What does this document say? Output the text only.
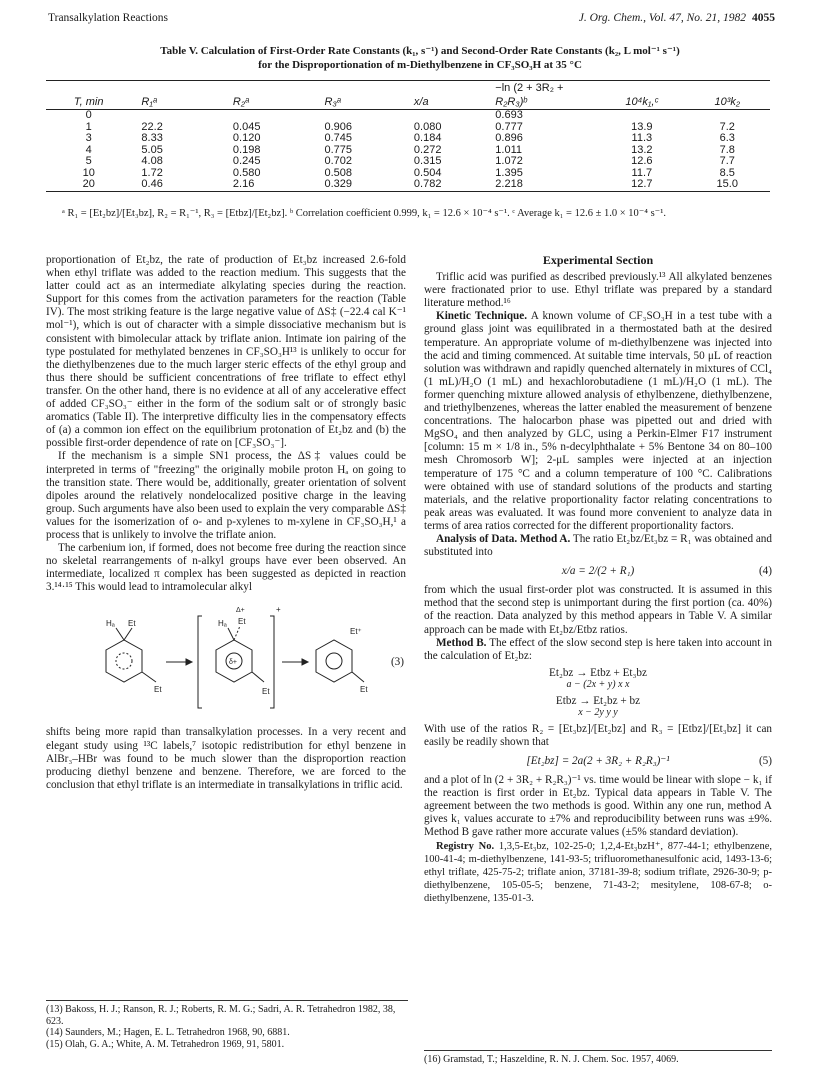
Transalkylation Reactions	J. Org. Chem., Vol. 47, No. 21, 1982 4055
Table V. Calculation of First-Order Rate Constants (k₁, s⁻¹) and Second-Order Rate Constants (k₂, L mol⁻¹ s⁻¹)
for the Disproportionation of m-Diethylbenzene in CF₃SO₃H at 35 °C
					−ln (2 + 3R₂ +		
T, min	R₁ᵃ	R₂ᵃ	R₃ᵃ	x/a	R₂R₃)ᵇ	10⁴k₁,ᶜ	10³k₂
0					0.693		
1	22.2	0.045	0.906	0.080	0.777	13.9	7.2
3	8.33	0.120	0.745	0.184	0.896	11.3	6.3
4	5.05	0.198	0.775	0.272	1.011	13.2	7.8
5	4.08	0.245	0.702	0.315	1.072	12.6	7.7
10	1.72	0.580	0.508	0.504	1.395	11.7	8.5
20	0.46	2.16	0.329	0.782	2.218	12.7	15.0
ᵃ R₁ = [Et₂bz]/[Et₃bz], R₂ = R₁⁻¹, R₃ = [Etbz]/[Et₂bz]. ᵇ Correlation coefficient 0.999, k₁ = 12.6 × 10⁻⁴ s⁻¹. ᶜ Average k₁ = 12.6 ± 1.0 × 10⁻⁴ s⁻¹.

proportionation of Et₂bz, the rate of production of Et₃bz increased 2.6-fold when ethyl triflate was added to the reaction medium. This suggests that the latter could act as an intermediate alkylating species during the reaction. Support for this comes from the activation parameters for the reaction (Table IV). The most striking feature is the large negative value of ΔS‡ (−22.4 cal K⁻¹ mol⁻¹), which is out of character with a simple dissociative mechanism but is consistent with bimolecular attack by triflate anion. Intimate ion pairing of the type postulated for methylated benzenes in CF₃SO₃H¹³ is unlikely to occur for the diethylbenzenes due to the much larger steric effects of the ethyl group and thus there should be sufficient concentrations of free triflate to effect ethyl transfer. On the other hand, there is no evidence at all of any accelerative effect of added CF₃SO₃⁻ either in the form of the sodium salt or of strongly basic aromatics (Table II). The interpretive difficulty lies in the compensatory effects of (a) a common ion effect on the equilibrium protonation of Et₂bz and (b) the possible first-order dependence of rate on [CF₃SO₃⁻].

If the mechanism is a simple SN1 process, the ΔS‡ values could be interpreted in terms of "freezing" the originally mobile proton Hₐ on going to the transition state. There would be, additionally, greater orientation of solvent dipoles around the relatively nondelocalized positive charge in the leaving group. Such arguments have also been used to explain the very comparable ΔS‡ values for the isomerization of o- and p-xylenes to m-xylene in CF₃SO₃H,¹ a process that is unlikely to involve the triflate anion.

The carbenium ion, if formed, does not become free during the reaction since no skeletal rearrangements of n-alkyl groups have ever been observed. An intermediate, localized π complex has been suggested as depicted in reaction 3.¹⁴·¹⁵ This would lead to intramolecular alkyl

Hₐ Et
Et
δ+
Hₐ Et
Δ+
Et
+
Et⁺
Et
(3)

shifts being more rapid than transalkylation processes. In a very recent and elegant study using ¹³C labels,⁷ isotopic redistribution for ethyl benzene in AlBr₃–HBr was found to be much slower than the disproportion reaction producing diethyl benzene and benzene. Therefore, we are forced to the conclusion that ethyl triflate is an intermediate in transalkylations in triflic acid.

(13) Bakoss, H. J.; Ranson, R. J.; Roberts, R. M. G.; Sadri, A. R. Tetrahedron 1982, 38, 623.
(14) Saunders, M.; Hagen, E. L. Tetrahedron 1968, 90, 6881.
(15) Olah, G. A.; White, A. M. Tetrahedron 1969, 91, 5801.
Experimental Section

Triflic acid was purified as described previously.¹³ All alkylated benzenes were fractionated prior to use. Ethyl triflate was prepared by a standard literature method.¹⁶

Kinetic Technique. A known volume of CF₃SO₃H in a test tube with a ground glass joint was equilibrated in a thermostated bath at the desired temperature. An appropriate volume of m-diethylbenzene was injected into the acid and timing commenced. At suitable time intervals, 50 μL of reaction solution was withdrawn and rapidly quenched alternately in mixtures of CCl₄ (1 mL)/H₂O (1 mL) and hexachlorobutadiene (1 mL)/H₂O (1 mL). The former quenching mixture allowed analysis of ethylbenzene, diethylbenzene, and triethylbenzenes, whereas the latter enabled the measurement of benzene concentrations. The halocarbon phase was pipetted out and dried with MgSO₄ and then analyzed by GLC, using a Perkin-Elmer F17 instrument [column: 15 m × 1/8 in., 5% n-decylphthalate + 5% Bentone 34 on 80–100 mesh Chromosorb W]; 2-μL samples were injected at an injection temperature of 175 °C and a column temperature of 100 °C. Calibrations were obtained with use of standard solutions of the products and starting materials, and the relative proportionality factor relating concentrations to peak areas was evaluated. It was found more convenient to analyze data in terms of area ratios corrected for the different proportionality factors.

Analysis of Data. Method A. The ratio Et₂bz/Et₃bz = R₁ was obtained and substituted into

x/a = 2/(2 + R₁)	(4)

from which the usual first-order plot was constructed. It is assumed in this method that the second step is unimportant during the first portion (ca. 40%) of the reaction. Data analyzed by this method appears in Table V. A similar approach can be made with Et₂bz/Etbz ratios.

Method B. The effect of the slow second step is here taken into account in the calculation of Et₂bz:

Et₂bz → Etbz + Et₃bz
a − (2x + y) x x
Etbz → Et₂bz + bz
x − 2y y y

With use of the ratios R₂ = [Et₃bz]/[Et₂bz] and R₃ = [Etbz]/[Et₃bz] it can easily be readily shown that

[Et₂bz] = 2a(2 + 3R₂ + R₂R₃)⁻¹	(5)

and a plot of ln (2 + 3R₂ + R₂R₃)⁻¹ vs. time would be linear with slope − k₁ if the reaction is first order in Et₂bz. Typical data appears in Table V. The agreement between the two methods is good. Within any one run, method A gives k₁ values accurate to ±7% and reproducibility between runs was ±9%. Method B gave rather more accurate values (±5% standard deviation).

Registry No. 1,3,5-Et₃bz, 102-25-0; 1,2,4-Et₃bzH⁺, 877-44-1; ethylbenzene, 100-41-4; m-diethylbenzene, 141-93-5; trifluoromethanesulfonic acid, 1493-13-6; ethyl triflate, 425-75-2; triflate anion, 37181-39-8; sodium triflate, 2926-30-9; p-diethylbenzene, 105-05-5; benzene, 71-43-2; mesitylene, 108-67-8; o-diethylbenzene, 135-01-3.

(16) Gramstad, T.; Haszeldine, R. N. J. Chem. Soc. 1957, 4069.
